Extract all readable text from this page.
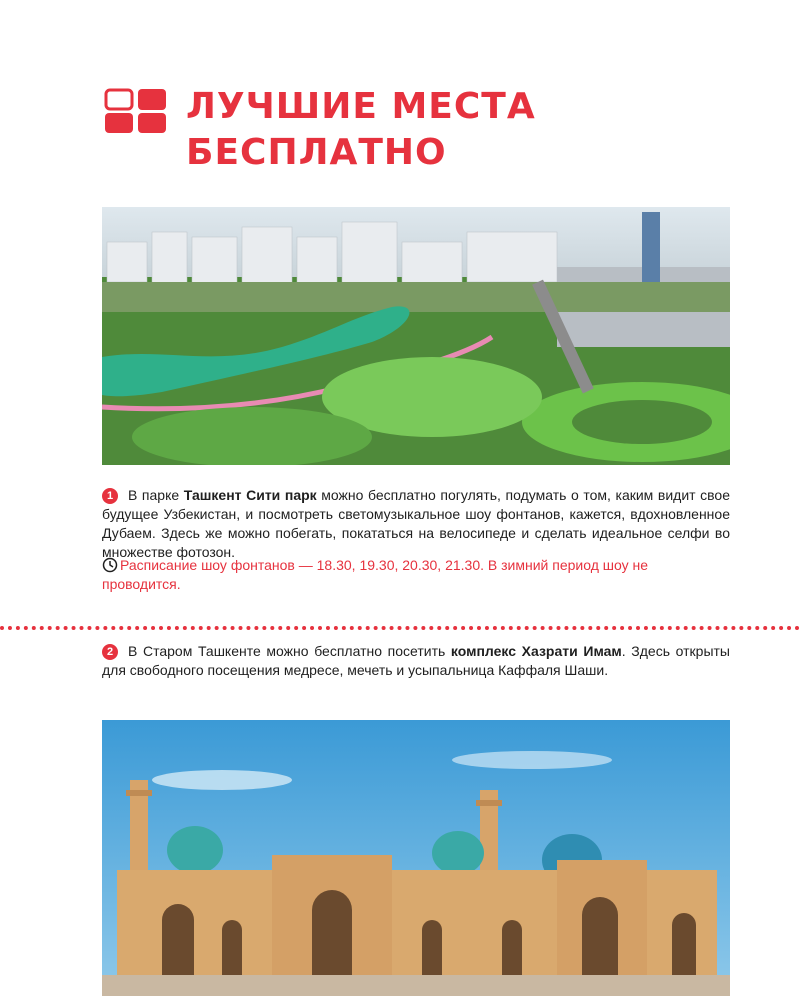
ЛУЧШИЕ МЕСТА
БЕСПЛАТНО

1 В парке Ташкент Сити парк можно бесплатно погулять, подумать о том, каким видит свое будущее Узбекистан, и посмотреть светомузыкальное шоу фонтанов, кажется, вдохновленное Дубаем. Здесь же можно побегать, покататься на велосипеде и сделать идеальное селфи во множестве фотозон.

Расписание шоу фонтанов — 18.30, 19.30, 20.30, 21.30. В зимний период шоу не проводится.

2 В Старом Ташкенте можно бесплатно посетить комплекс Хазрати Имам. Здесь открыты для свободного посещения медресе, мечеть и усыпальница Каффаля Шаши.
